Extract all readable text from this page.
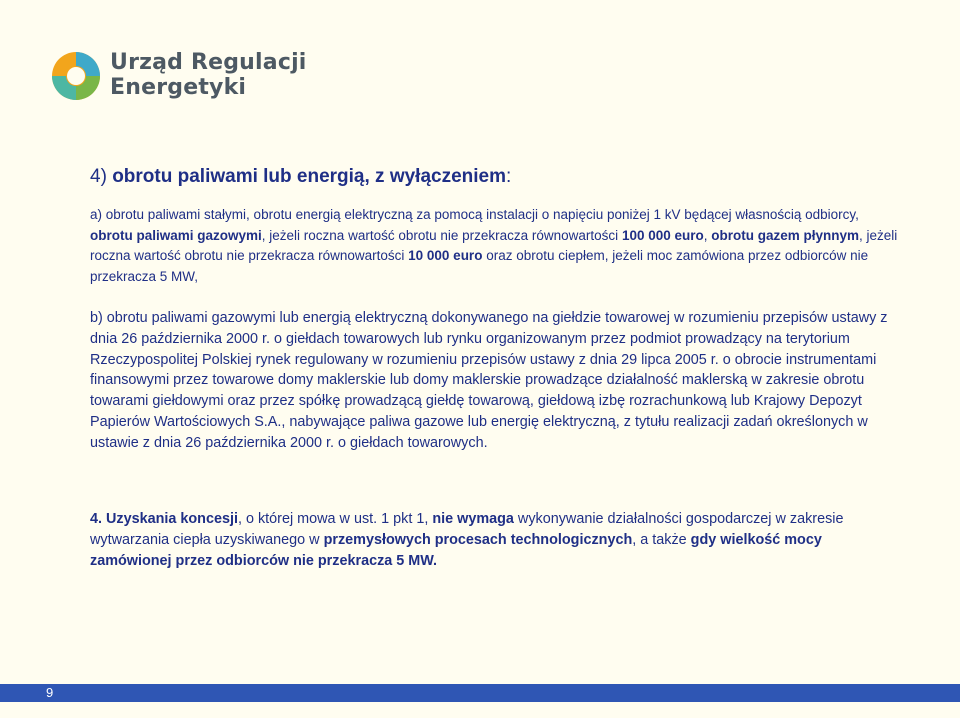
Urząd Regulacji
Energetyki

4) obrotu paliwami lub energią, z wyłączeniem:

a) obrotu paliwami stałymi, obrotu energią elektryczną za pomocą instalacji o napięciu poniżej 1 kV będącej własnością odbiorcy, obrotu paliwami gazowymi, jeżeli roczna wartość obrotu nie przekracza równowartości 100 000 euro, obrotu gazem płynnym, jeżeli roczna wartość obrotu nie przekracza równowartości 10 000 euro oraz obrotu ciepłem, jeżeli moc zamówiona przez odbiorców nie przekracza 5 MW,

b) obrotu paliwami gazowymi lub energią elektryczną dokonywanego na giełdzie towarowej w rozumieniu przepisów ustawy z dnia 26 października 2000 r. o giełdach towarowych lub rynku organizowanym przez podmiot prowadzący na terytorium Rzeczypospolitej Polskiej rynek regulowany w rozumieniu przepisów ustawy z dnia 29 lipca 2005 r. o obrocie instrumentami finansowymi przez towarowe domy maklerskie lub domy maklerskie prowadzące działalność maklerską w zakresie obrotu towarami giełdowymi oraz przez spółkę prowadzącą giełdę towarową, giełdową izbę rozrachunkową lub Krajowy Depozyt Papierów Wartościowych S.A., nabywające paliwa gazowe lub energię elektryczną, z tytułu realizacji zadań określonych w ustawie z dnia 26 października 2000 r. o giełdach towarowych.

4. Uzyskania koncesji, o której mowa w ust. 1 pkt 1, nie wymaga wykonywanie działalności gospodarczej w zakresie wytwarzania ciepła uzyskiwanego w przemysłowych procesach technologicznych, a także gdy wielkość mocy zamówionej przez odbiorców nie przekracza 5 MW.

9
